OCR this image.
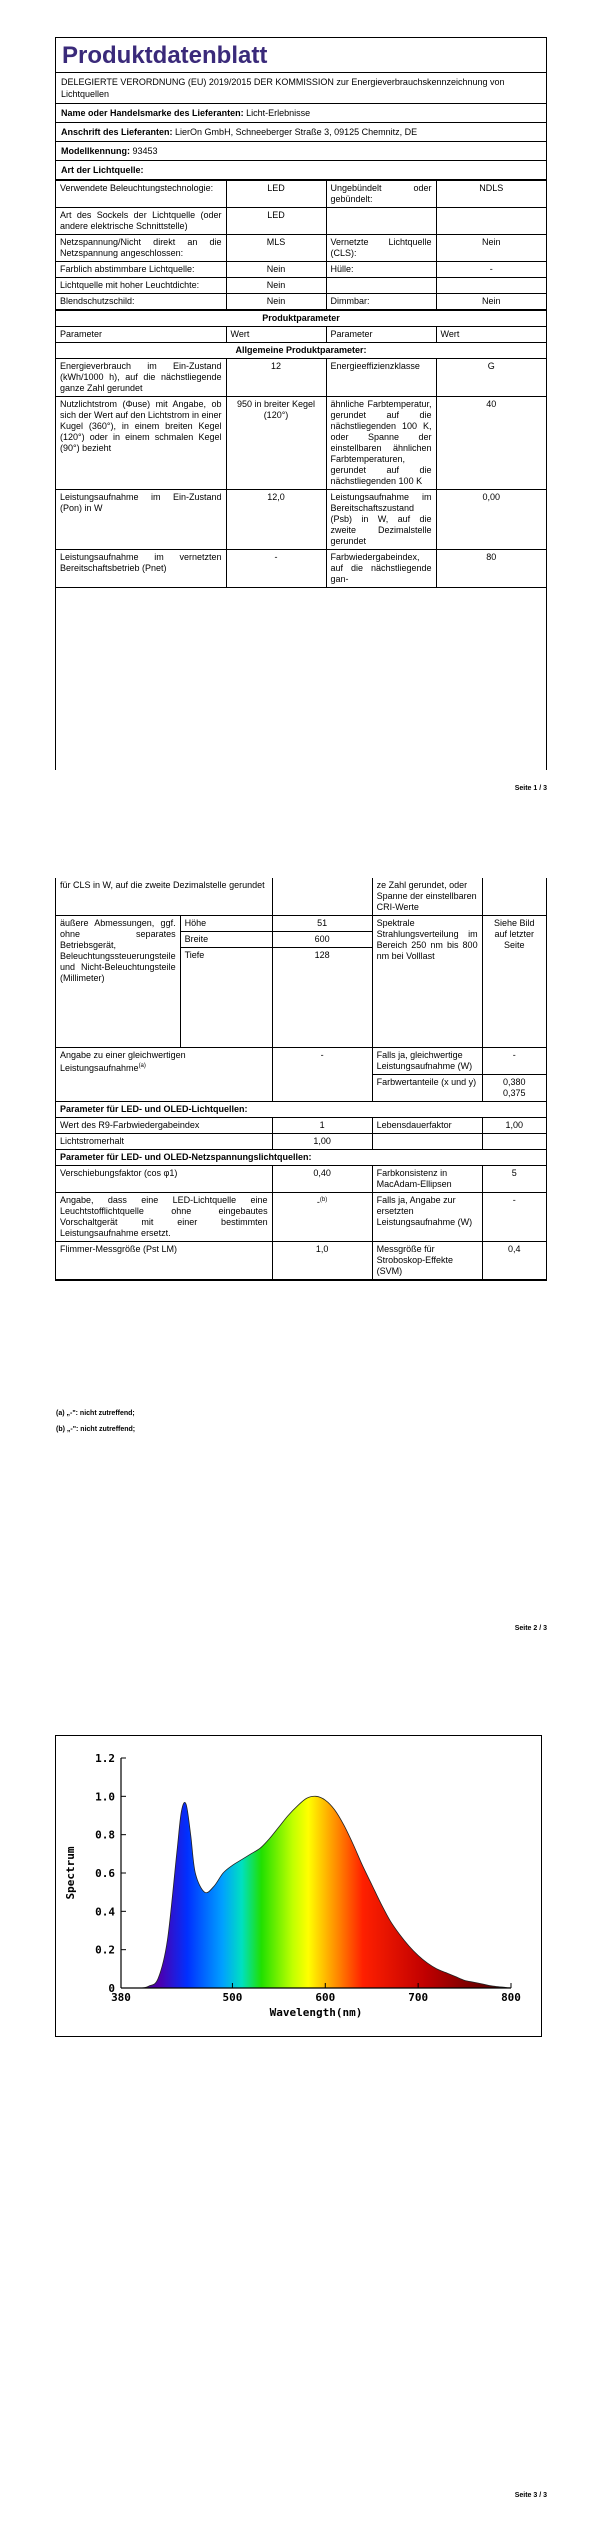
Produktdatenblatt
DELEGIERTE VERORDNUNG (EU) 2019/2015 DER KOMMISSION zur Energieverbrauchskennzeichnung von Lichtquellen
Name oder Handelsmarke des Lieferanten: Licht-Erlebnisse
Anschrift des Lieferanten: LierOn GmbH, Schneeberger Straße 3, 09125 Chemnitz, DE
Modellkennung: 93453
Art der Lichtquelle:
Verwendete Beleuchtungstechnologie:	LED	Ungebündelt oder gebündelt:	NDLS
Art des Sockels der Lichtquelle (oder andere elektrische Schnittstelle)	LED		
Netzspannung/Nicht direkt an die Netzspannung angeschlossen:	MLS	Vernetzte Lichtquelle (CLS):	Nein
Farblich abstimmbare Lichtquelle:	Nein	Hülle:	-
Lichtquelle mit hoher Leuchtdichte:	Nein		
Blendschutzschild:	Nein	Dimmbar:	Nein
Produktparameter			
Parameter	Wert	Parameter	Wert
Allgemeine Produktparameter:			
Energieverbrauch im Ein-Zustand (kWh/1000 h), auf die nächstliegende ganze Zahl gerundet	12	Energieeffizienzklasse	G
Nutzlichtstrom (Φuse) mit Angabe, ob sich der Wert auf den Lichtstrom in einer Kugel (360°), in einem breiten Kegel (120°) oder in einem schmalen Kegel (90°) bezieht	950 in breiter Kegel (120°)	ähnliche Farbtemperatur, gerundet auf die nächstliegenden 100 K, oder Spanne der einstellbaren ähnlichen Farbtemperaturen, gerundet auf die nächstliegenden 100 K	40
Leistungsaufnahme im Ein-Zustand (Pon) in W	12,0	Leistungsaufnahme im Bereitschaftszustand (Psb) in W, auf die zweite Dezimalstelle gerundet	0,00
Leistungsaufnahme im vernetzten Bereitschaftsbetrieb (Pnet)	-	Farbwiedergabeindex, auf die nächstliegende gan-	80
Seite 1 / 3
für CLS in W, auf die zweite Dezimalstelle gerundet			ze Zahl gerundet, oder Spanne der einstellbaren CRI-Werte	
äußere Abmessungen, ggf. ohne separates Betriebsgerät, Beleuchtungssteuerungsteile und Nicht-Beleuchtungsteile (Millimeter)	Höhe	51	Spektrale Strahlungsverteilung im Bereich 250 nm bis 800 nm bei Volllast	Siehe Bild auf letzter Seite
	Breite	600		
	Tiefe	128		
Angabe zu einer gleichwertigen Leistungsaufnahme$^{(a)}$		-	Falls ja, gleichwertige Leistungsaufnahme (W)	-
			Farbwertanteile (x und y)	0,380
0,375
Parameter für LED- und OLED-Lichtquellen:				
Wert des R9-Farbwiedergabeindex		1	Lebensdauerfaktor	1,00
Lichtstromerhalt		1,00		
Parameter für LED- und OLED-Netzspannungslichtquellen:				
Verschiebungsfaktor (cos φ1)		0,40	Farbkonsistenz in MacAdam-Ellipsen	5
Angabe, dass eine LED-Lichtquelle eine Leuchtstofflichtquelle ohne eingebautes Vorschaltgerät mit einer bestimmten Leistungsaufnahme ersetzt.		-$^{(b)}$	Falls ja, Angabe zur ersetzten Leistungsaufnahme (W)	-
Flimmer-Messgröße (Pst LM)		1,0	Messgröße für Stroboskop-Effekte (SVM)	0,4
(a) „-": nicht zutreffend;
(b) „-": nicht zutreffend;
Seite 2 / 3
380	500	600	700	800
0
0.2
0.4
0.6
0.8
1.0
1.2
Wavelength(nm)
Spectrum
Seite 3 / 3
